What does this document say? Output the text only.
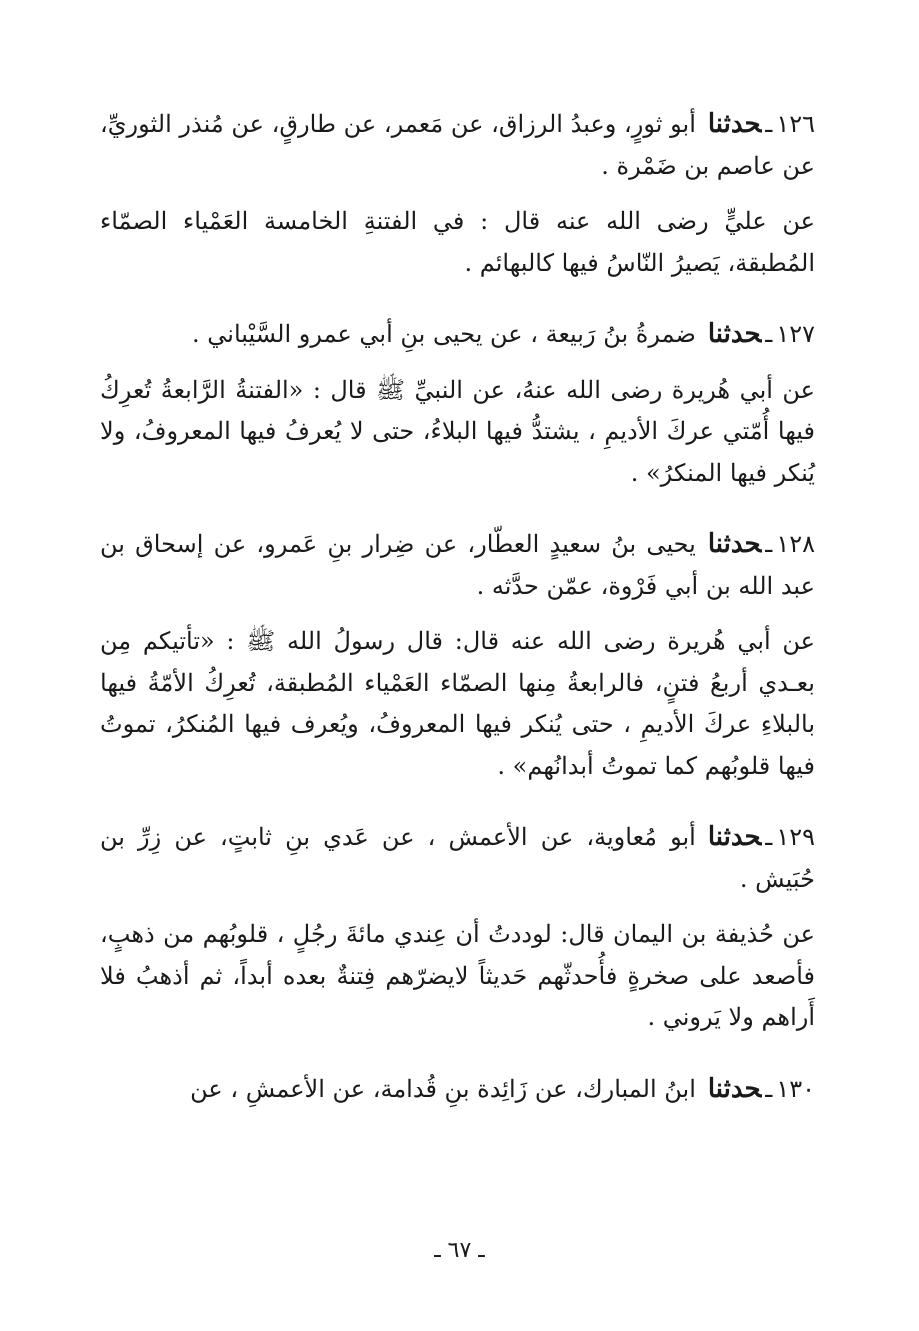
١٢٦ـحدثناأبو ثورٍ، وعبدُ الرزاق، عن مَعمر، عن طارقٍ، عن مُنذر الثوريِّ، عن عاصم بن ضَمْرة .

عن عليٍّ رضى الله عنه قال : في الفتنةِ الخامسة العَمْياء الصمّاء المُطبقة، يَصيرُ النّاسُ فيها كالبهائم .

١٢٧ـحدثناضمرةُ بنُ رَبيعة ، عن يحيى بنِ أبي عمرو السَّيْباني .

عن أبي هُريرة رضى الله عنهُ، عن النبيِّ ﷺ قال : «الفتنةُ الرَّابعةُ تُعرِكُ فيها أُمّتي عركَ الأديمِ ، يشتدُّ فيها البلاءُ، حتى لا يُعرفُ فيها المعروفُ، ولا يُنكر فيها المنكرُ» .

١٢٨ـحدثنايحيى بنُ سعيدٍ العطّار، عن ضِرار بنِ عَمرو، عن إسحاق بن عبد الله بن أبي فَرْوة، عمّن حدَّثه .

عن أبي هُريرة رضى الله عنه قال: قال رسولُ الله ﷺ : «تأتيكم مِن بعـدي أربعُ فتنٍ، فالرابعةُ مِنها الصمّاء العَمْياء المُطبقة، تُعرِكُ الأمّةُ فيها بالبلاءِ عركَ الأديمِ ، حتى يُنكر فيها المعروفُ، ويُعرف فيها المُنكرُ، تموتُ فيها قلوبُهم كما تموتُ أبدانُهم» .

١٢٩ـحدثناأبو مُعاوية، عن الأعمش ، عن عَدي بنِ ثابتٍ، عن زِرِّ بن حُبَيش .

عن حُذيفة بن اليمان قال: لوددتُ أن عِندي مائةَ رجُلٍ ، قلوبُهم من ذهبٍ، فأصعد على صخرةٍ فأُحدثّهم حَديثاً لايضرّهم فِتنةٌ بعده أبداً، ثم أذهبُ فلا أَراهم ولا يَروني .

١٣٠ـحدثناابنُ المبارك، عن زَائِدة بنِ قُدامة، عن الأعمشِ ، عن

ـ ٦٧ ـ
